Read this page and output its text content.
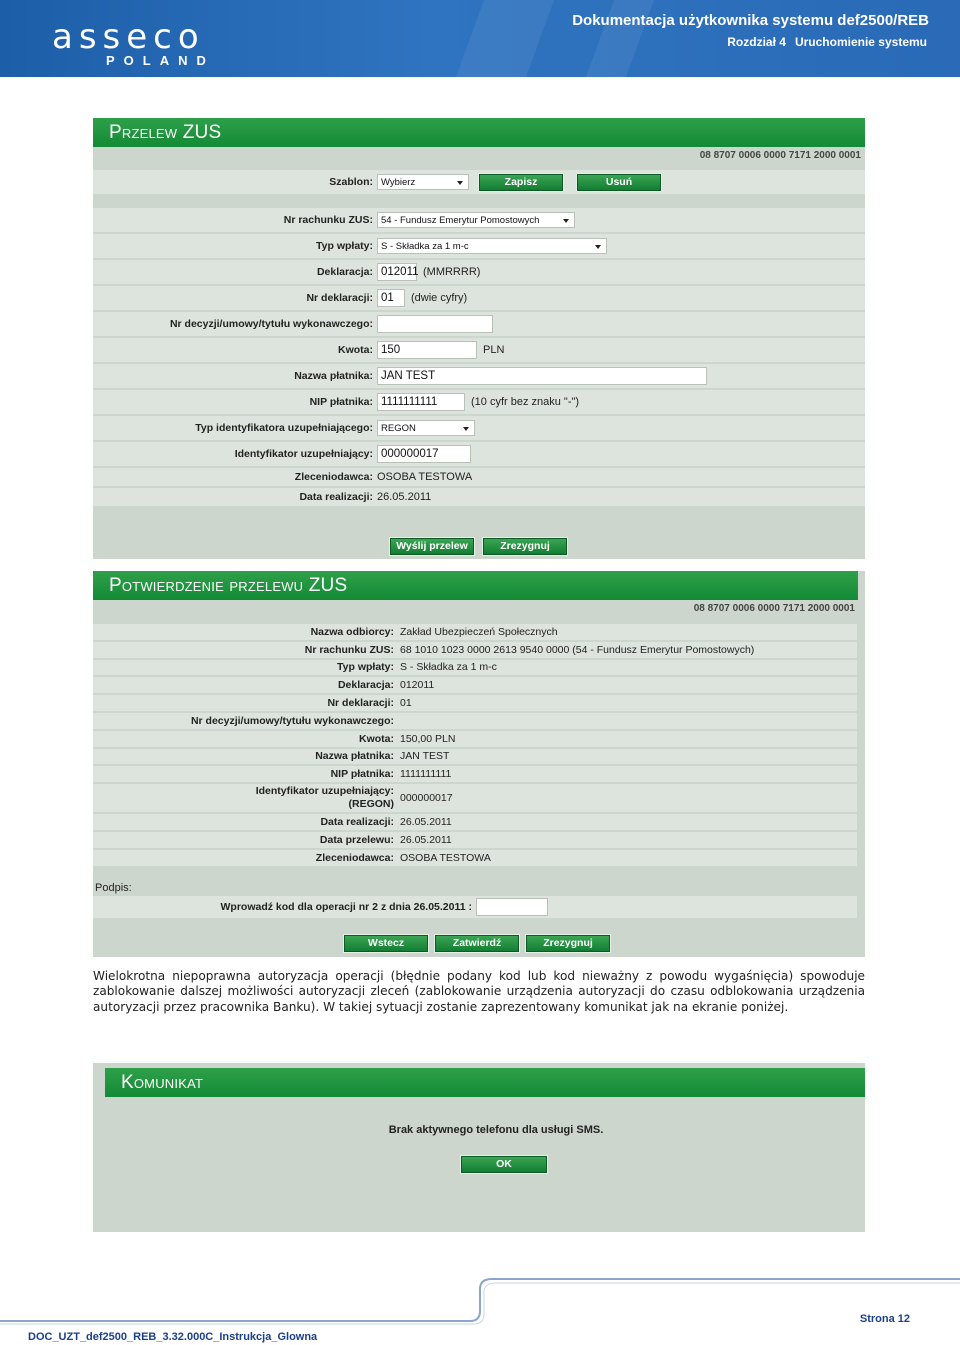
asseco
POLAND
Dokumentacja użytkownika systemu def2500/REB
Rozdział 4 Uruchomienie systemu
Przelew ZUS
08 8707 0006 0000 7171 2000 0001
Szablon: Wybierz	Zapisz	Usuń
Nr rachunku ZUS: 54 - Fundusz Emerytur Pomostowych
Typ wpłaty: S - Składka za 1 m-c
Deklaracja: 012011 (MMRRRR)
Nr deklaracji: 01	(dwie cyfry)
Nr decyzji/umowy/tytułu wykonawczego:
Kwota: 150	PLN
Nazwa płatnika: JAN TEST
NIP płatnika: 1111111111	(10 cyfr bez znaku "-")
Typ identyfikatora uzupełniającego: REGON
Identyfikator uzupełniający: 000000017
Zleceniodawca: OSOBA TESTOWA
Data realizacji: 26.05.2011
Wyślij przelew	Zrezygnuj
Potwierdzenie przelewu ZUS
08 8707 0006 0000 7171 2000 0001
Nazwa odbiorcy: Zakład Ubezpieczeń Społecznych
Nr rachunku ZUS: 68 1010 1023 0000 2613 9540 0000 (54 - Fundusz Emerytur Pomostowych)
Typ wpłaty: S - Składka za 1 m-c
Deklaracja: 012011
Nr deklaracji: 01
Nr decyzji/umowy/tytułu wykonawczego:
Kwota: 150,00 PLN
Nazwa płatnika: JAN TEST
NIP płatnika: 1111111111
Identyfikator uzupełniający: (REGON) 000000017
Data realizacji: 26.05.2011
Data przelewu: 26.05.2011
Zleceniodawca: OSOBA TESTOWA
Podpis:
Wprowadź kod dla operacji nr 2 z dnia 26.05.2011 :
Wstecz	Zatwierdź	Zrezygnuj
Wielokrotna niepoprawna autoryzacja operacji (błędnie podany kod lub kod nieważny z powodu wygaśnięcia) spowoduje zablokowanie dalszej możliwości autoryzacji zleceń (zablokowanie urządzenia autoryzacji do czasu odblokowania urządzenia autoryzacji przez pracownika Banku). W takiej sytuacji zostanie zaprezentowany komunikat jak na ekranie poniżej.
Komunikat
Brak aktywnego telefonu dla usługi SMS.
OK
Strona 12
DOC_UZT_def2500_REB_3.32.000C_Instrukcja_Glowna
